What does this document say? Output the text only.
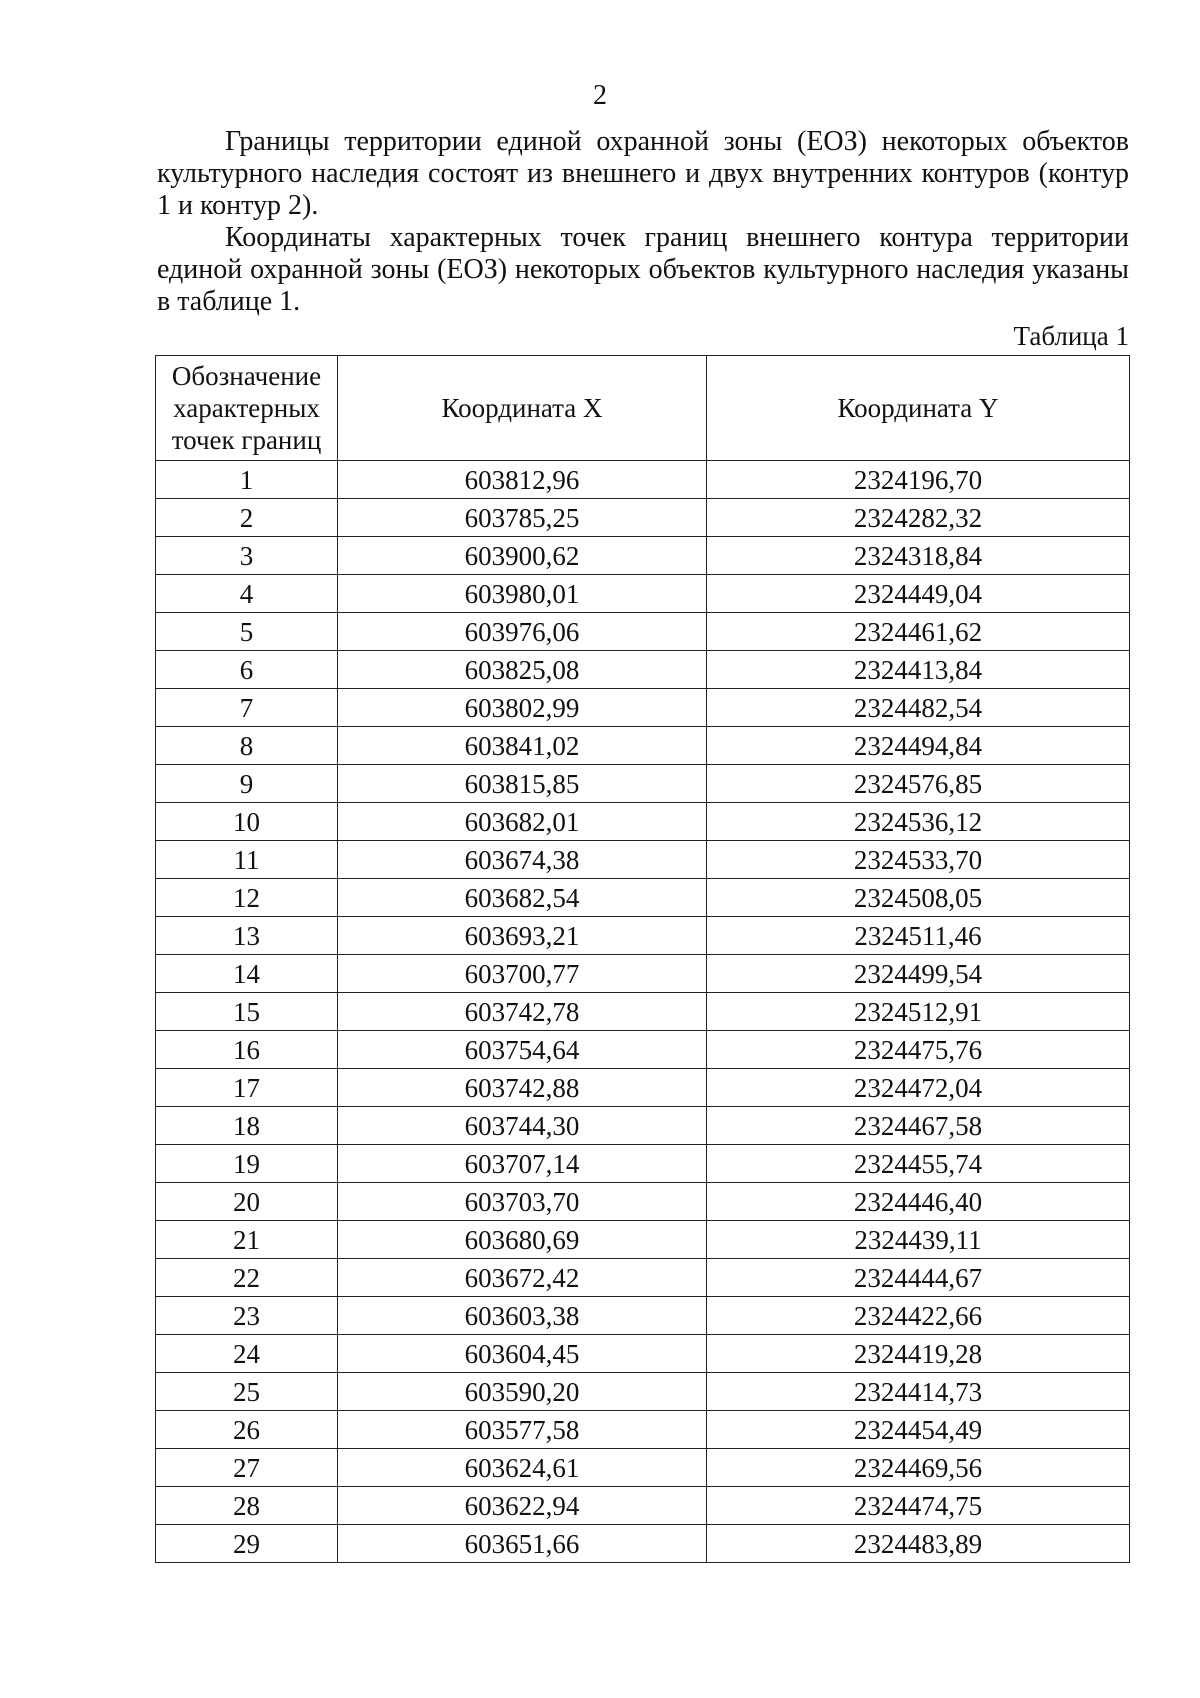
2

Границы территории единой охранной зоны (ЕОЗ) некоторых объектов культурного наследия состоят из внешнего и двух внутренних контуров (контур 1 и контур 2).

Координаты характерных точек границ внешнего контура территории единой охранной зоны (ЕОЗ) некоторых объектов культурного наследия указаны в таблице 1.

Таблица 1
Обозначение характерных точек границ	Координата X	Координата Y
1	603812,96	2324196,70
2	603785,25	2324282,32
3	603900,62	2324318,84
4	603980,01	2324449,04
5	603976,06	2324461,62
6	603825,08	2324413,84
7	603802,99	2324482,54
8	603841,02	2324494,84
9	603815,85	2324576,85
10	603682,01	2324536,12
11	603674,38	2324533,70
12	603682,54	2324508,05
13	603693,21	2324511,46
14	603700,77	2324499,54
15	603742,78	2324512,91
16	603754,64	2324475,76
17	603742,88	2324472,04
18	603744,30	2324467,58
19	603707,14	2324455,74
20	603703,70	2324446,40
21	603680,69	2324439,11
22	603672,42	2324444,67
23	603603,38	2324422,66
24	603604,45	2324419,28
25	603590,20	2324414,73
26	603577,58	2324454,49
27	603624,61	2324469,56
28	603622,94	2324474,75
29	603651,66	2324483,89
